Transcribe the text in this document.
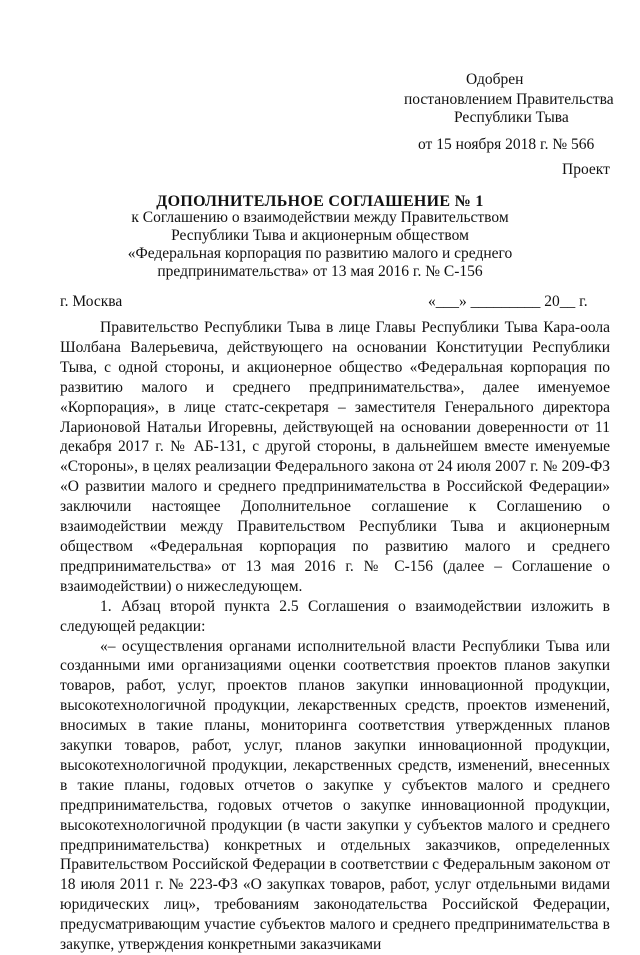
Одобрен
постановлением Правительства
Республики Тыва
от 15 ноября 2018 г. № 566
Проект
ДОПОЛНИТЕЛЬНОЕ СОГЛАШЕНИЕ № 1
к Соглашению о взаимодействии между Правительством
Республики Тыва и акционерным обществом
«Федеральная корпорация по развитию малого и среднего
предпринимательства» от 13 мая 2016 г. № С-156
г. Москва	«___» _________ 20__ г.

Правительство Республики Тыва в лице Главы Республики Тыва Кара-оола Шолбана Валерьевича, действующего на основании Конституции Республики Тыва, с одной стороны, и акционерное общество «Федеральная корпорация по развитию малого и среднего предпринимательства», далее именуемое «Корпорация», в лице статс-секретаря – заместителя Генерального директора Ларионовой Натальи Игоревны, действующей на основании доверенности от 11 декабря 2017 г. № АБ-131, с другой стороны, в дальнейшем вместе именуемые «Стороны», в целях реализации Федерального закона от 24 июля 2007 г. № 209-ФЗ «О развитии малого и среднего предпринимательства в Российской Федерации» заключили настоящее Дополнительное соглашение к Соглашению о взаимодействии между Правительством Республики Тыва и акционерным обществом «Федеральная корпорация по развитию малого и среднего предпринимательства» от 13 мая 2016 г. № С-156 (далее – Соглашение о взаимодействии) о нижеследующем.

1. Абзац второй пункта 2.5 Соглашения о взаимодействии изложить в следующей редакции:

«– осуществления органами исполнительной власти Республики Тыва или созданными ими организациями оценки соответствия проектов планов закупки товаров, работ, услуг, проектов планов закупки инновационной продукции, высокотехнологичной продукции, лекарственных средств, проектов изменений, вносимых в такие планы, мониторинга соответствия утвержденных планов закупки товаров, работ, услуг, планов закупки инновационной продукции, высокотехнологичной продукции, лекарственных средств, изменений, внесенных в такие планы, годовых отчетов о закупке у субъектов малого и среднего предпринимательства, годовых отчетов о закупке инновационной продукции, высокотехнологичной продукции (в части закупки у субъектов малого и среднего предпринимательства) конкретных и отдельных заказчиков, определенных Правительством Российской Федерации в соответствии с Федеральным законом от 18 июля 2011 г. № 223-ФЗ «О закупках товаров, работ, услуг отдельными видами юридических лиц», требованиям законодательства Российской Федерации, предусматривающим участие субъектов малого и среднего предпринимательства в закупке, утверждения конкретными заказчиками
